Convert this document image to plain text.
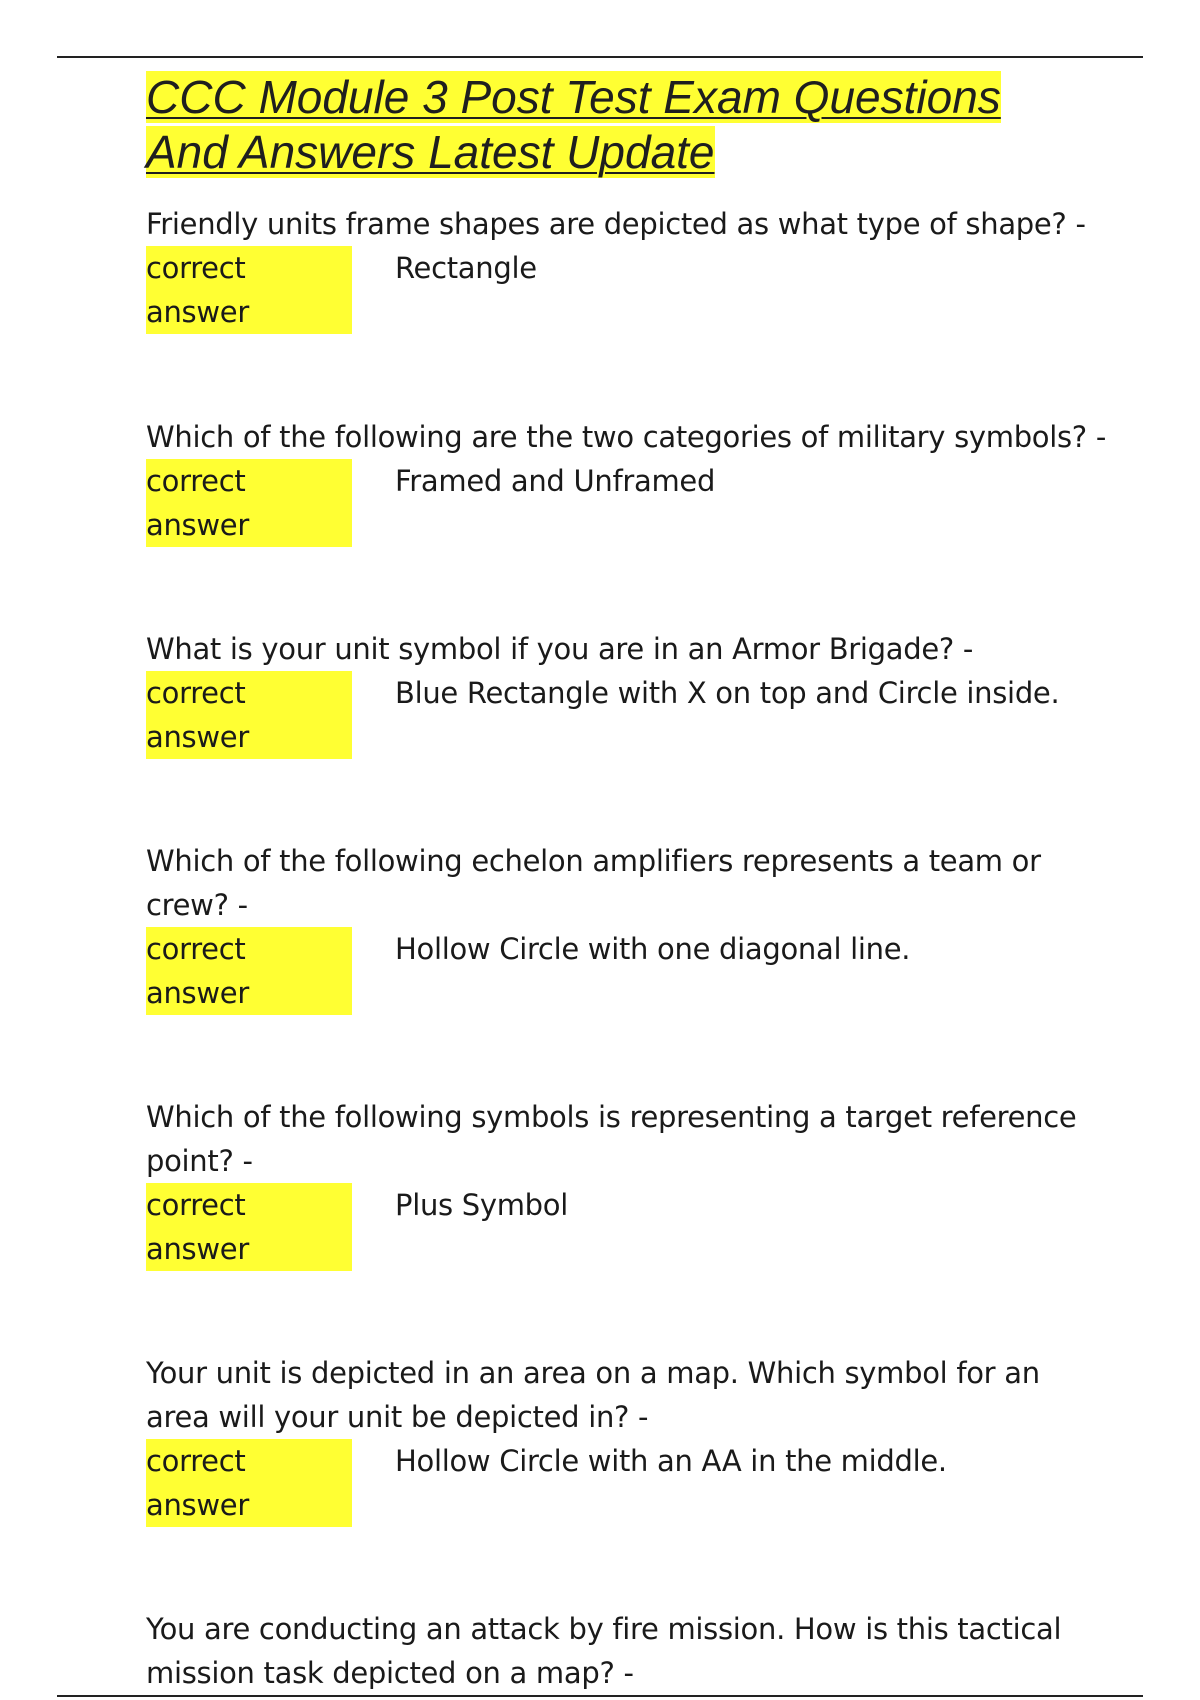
CCC Module 3 Post Test Exam Questions
And Answers Latest Update

Friendly units frame shapes are depicted as what type of shape? -

correct answer
Rectangle

Which of the following are the two categories of military symbols? -

correct answer
Framed and Unframed

What is your unit symbol if you are in an Armor Brigade? -

correct answer
Blue Rectangle with X on top and Circle inside.

Which of the following echelon amplifiers represents a team or crew? -

correct answer
Hollow Circle with one diagonal line.

Which of the following symbols is representing a target reference point? -

correct answer
Plus Symbol

Your unit is depicted in an area on a map. Which symbol for an area will your unit be depicted in? -

correct answer
Hollow Circle with an AA in the middle.

You are conducting an attack by fire mission. How is this tactical mission task depicted on a map? -
